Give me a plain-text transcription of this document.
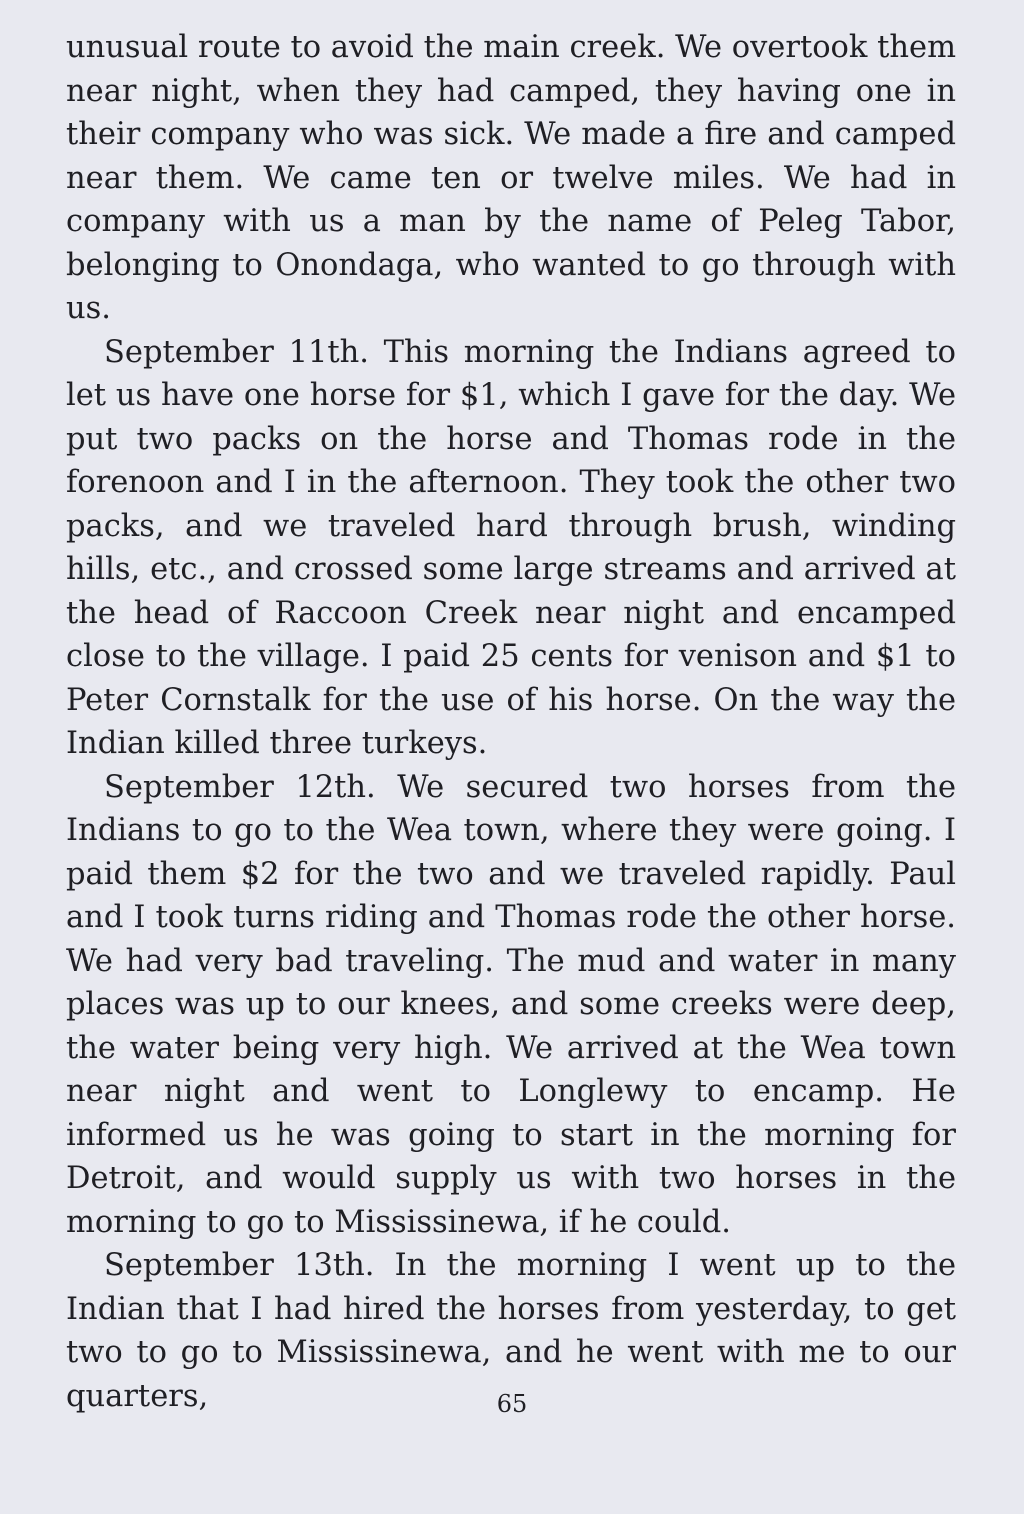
unusual route to avoid the main creek. We overtook them near night, when they had camped, they having one in their company who was sick. We made a fire and camped near them. We came ten or twelve miles. We had in company with us a man by the name of Peleg Tabor, belonging to Onondaga, who wanted to go through with us.

September 11th. This morning the Indians agreed to let us have one horse for $1, which I gave for the day. We put two packs on the horse and Thomas rode in the forenoon and I in the afternoon. They took the other two packs, and we traveled hard through brush, winding hills, etc., and crossed some large streams and arrived at the head of Raccoon Creek near night and encamped close to the village. I paid 25 cents for venison and $1 to Peter Cornstalk for the use of his horse. On the way the Indian killed three turkeys.

September 12th. We secured two horses from the Indians to go to the Wea town, where they were going. I paid them $2 for the two and we traveled rapidly. Paul and I took turns riding and Thomas rode the other horse. We had very bad traveling. The mud and water in many places was up to our knees, and some creeks were deep, the water being very high. We arrived at the Wea town near night and went to Longlewy to encamp. He informed us he was going to start in the morning for Detroit, and would supply us with two horses in the morning to go to Mississinewa, if he could.

September 13th. In the morning I went up to the Indian that I had hired the horses from yesterday, to get two to go to Mississinewa, and he went with me to our quarters,	65
